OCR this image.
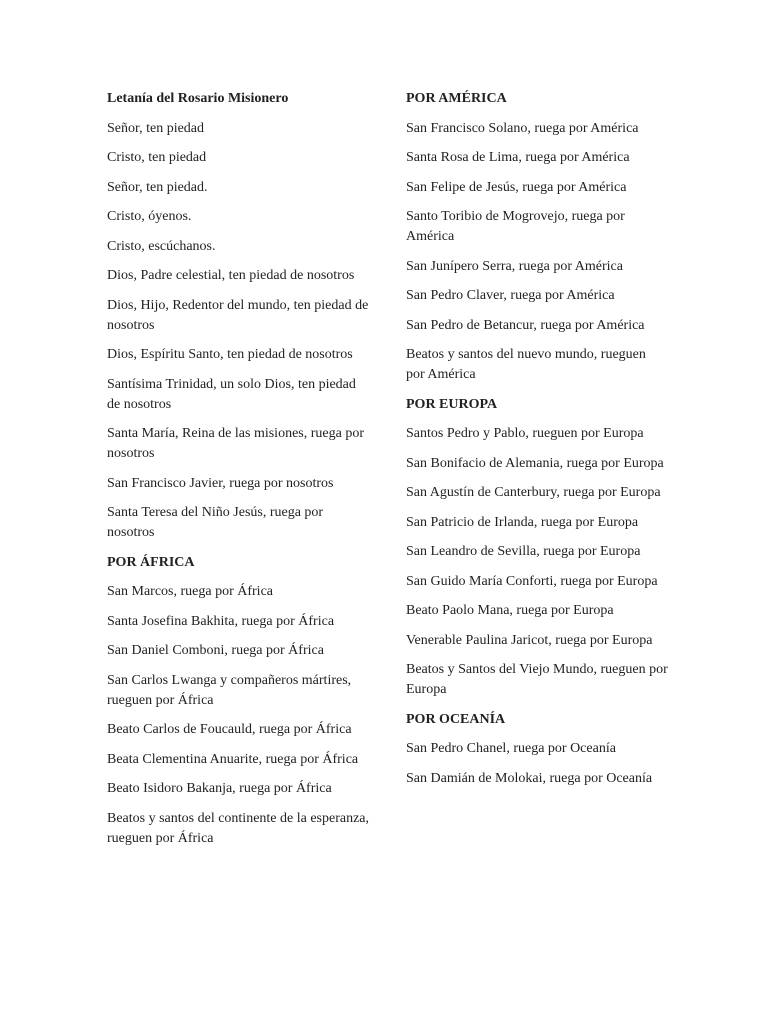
Letanía del Rosario Misionero

Señor, ten piedad

Cristo, ten piedad

Señor, ten piedad.

Cristo, óyenos.

Cristo, escúchanos.

Dios, Padre celestial, ten piedad de nosotros

Dios, Hijo, Redentor del mundo, ten piedad de nosotros

Dios, Espíritu Santo, ten piedad de nosotros

Santísima Trinidad, un solo Dios, ten piedad de nosotros

Santa María, Reina de las misiones, ruega por nosotros

San Francisco Javier, ruega por nosotros

Santa Teresa del Niño Jesús, ruega por nosotros

POR ÁFRICA

San Marcos, ruega por África

Santa Josefina Bakhita, ruega por África

San Daniel Comboni, ruega por África

San Carlos Lwanga y compañeros mártires, rueguen por África

Beato Carlos de Foucauld, ruega por África

Beata Clementina Anuarite, ruega por África

Beato Isidoro Bakanja, ruega por África

Beatos y santos del continente de la esperanza, rueguen por África

POR AMÉRICA

San Francisco Solano, ruega por América

Santa Rosa de Lima, ruega por América

San Felipe de Jesús, ruega por América

Santo Toribio de Mogrovejo, ruega por América

San Junípero Serra, ruega por América

San Pedro Claver, ruega por América

San Pedro de Betancur, ruega por América

Beatos y santos del nuevo mundo, rueguen por América

POR EUROPA

Santos Pedro y Pablo, rueguen por Europa

San Bonifacio de Alemania, ruega por Europa

San Agustín de Canterbury, ruega por Europa

San Patricio de Irlanda, ruega por Europa

San Leandro de Sevilla, ruega por Europa

San Guido María Conforti, ruega por Europa

Beato Paolo Mana, ruega por Europa

Venerable Paulina Jaricot, ruega por Europa

Beatos y Santos del Viejo Mundo, rueguen por Europa

POR OCEANÍA

San Pedro Chanel, ruega por Oceanía

San Damián de Molokai, ruega por Oceanía
